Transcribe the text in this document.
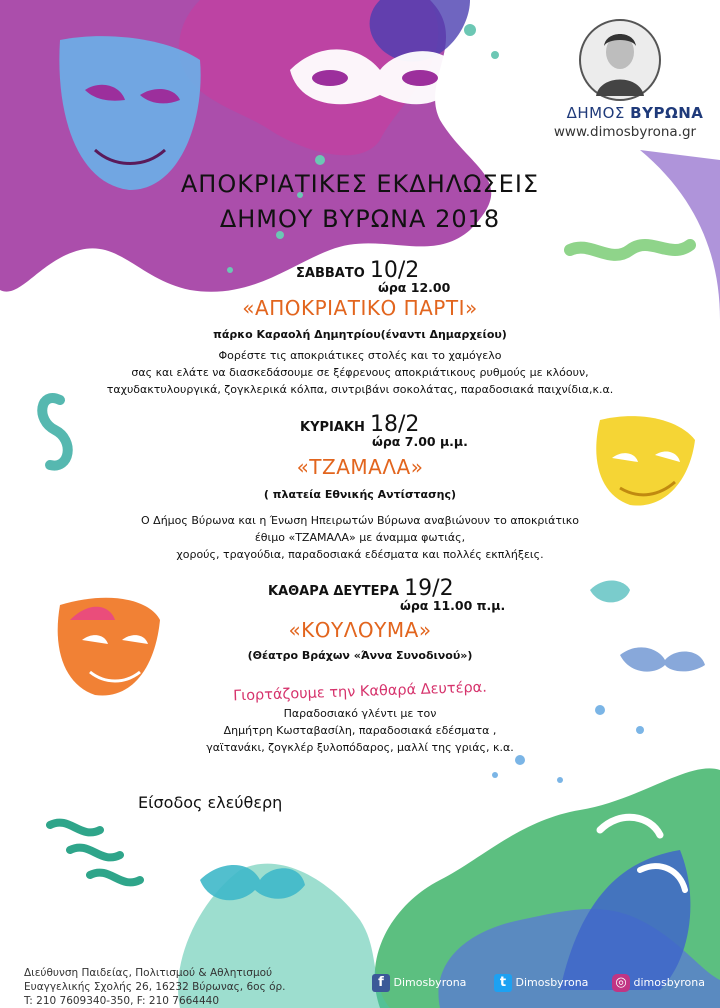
ΔΗΜΟΣ ΒΥΡΩΝΑ
www.dimosbyrona.gr
ΑΠΟΚΡΙΑΤΙΚΕΣ ΕΚΔΗΛΩΣΕΙΣ
ΔΗΜΟΥ ΒΥΡΩΝΑ 2018
ΣΑΒΒΑΤΟ 10/2
ώρα 12.00
«ΑΠΟΚΡΙΑΤΙΚΟ ΠΑΡΤΙ»
πάρκο Καραολή Δημητρίου(έναντι Δημαρχείου)
Φορέστε τις αποκριάτικες στολές και το χαμόγελο
σας και ελάτε να διασκεδάσουμε σε ξέφρενους αποκριάτικους ρυθμούς με κλόουν,
ταχυδακτυλουργικά, ζογκλερικά κόλπα, σιντριβάνι σοκολάτας, παραδοσιακά παιχνίδια,κ.α.
ΚΥΡΙΑΚΗ 18/2
ώρα 7.00 μ.μ.
«ΤΖΑΜΑΛΑ»
( πλατεία Εθνικής Αντίστασης)
Ο Δήμος Βύρωνα και η Ένωση Ηπειρωτών Βύρωνα αναβιώνουν το αποκριάτικο
έθιμο «ΤΖΑΜΑΛΑ» με άναμμα φωτιάς,
χορούς, τραγούδια, παραδοσιακά εδέσματα και πολλές εκπλήξεις.
ΚΑΘΑΡΑ ΔΕΥΤΕΡΑ 19/2
ώρα 11.00 π.μ.
«ΚΟΥΛΟΥΜΑ»
(Θέατρο Βράχων «Άννα Συνοδινού»)
Γιορτάζουμε την Καθαρά Δευτέρα.
Παραδοσιακό γλέντι με τον
Δημήτρη Κωσταβασίλη, παραδοσιακά εδέσματα ,
γαϊτανάκι, ζογκλέρ ξυλοπόδαρος, μαλλί της γριάς, κ.α.
Είσοδος ελεύθερη
Διεύθυνση Παιδείας, Πολιτισμού & Αθλητισμού
Ευαγγελικής Σχολής 26, 16232 Βύρωνας, 6ος όρ.
T: 210 7609340-350, F: 210 7664440
f Dimosbyrona	t Dimosbyrona ◎ dimosbyrona
